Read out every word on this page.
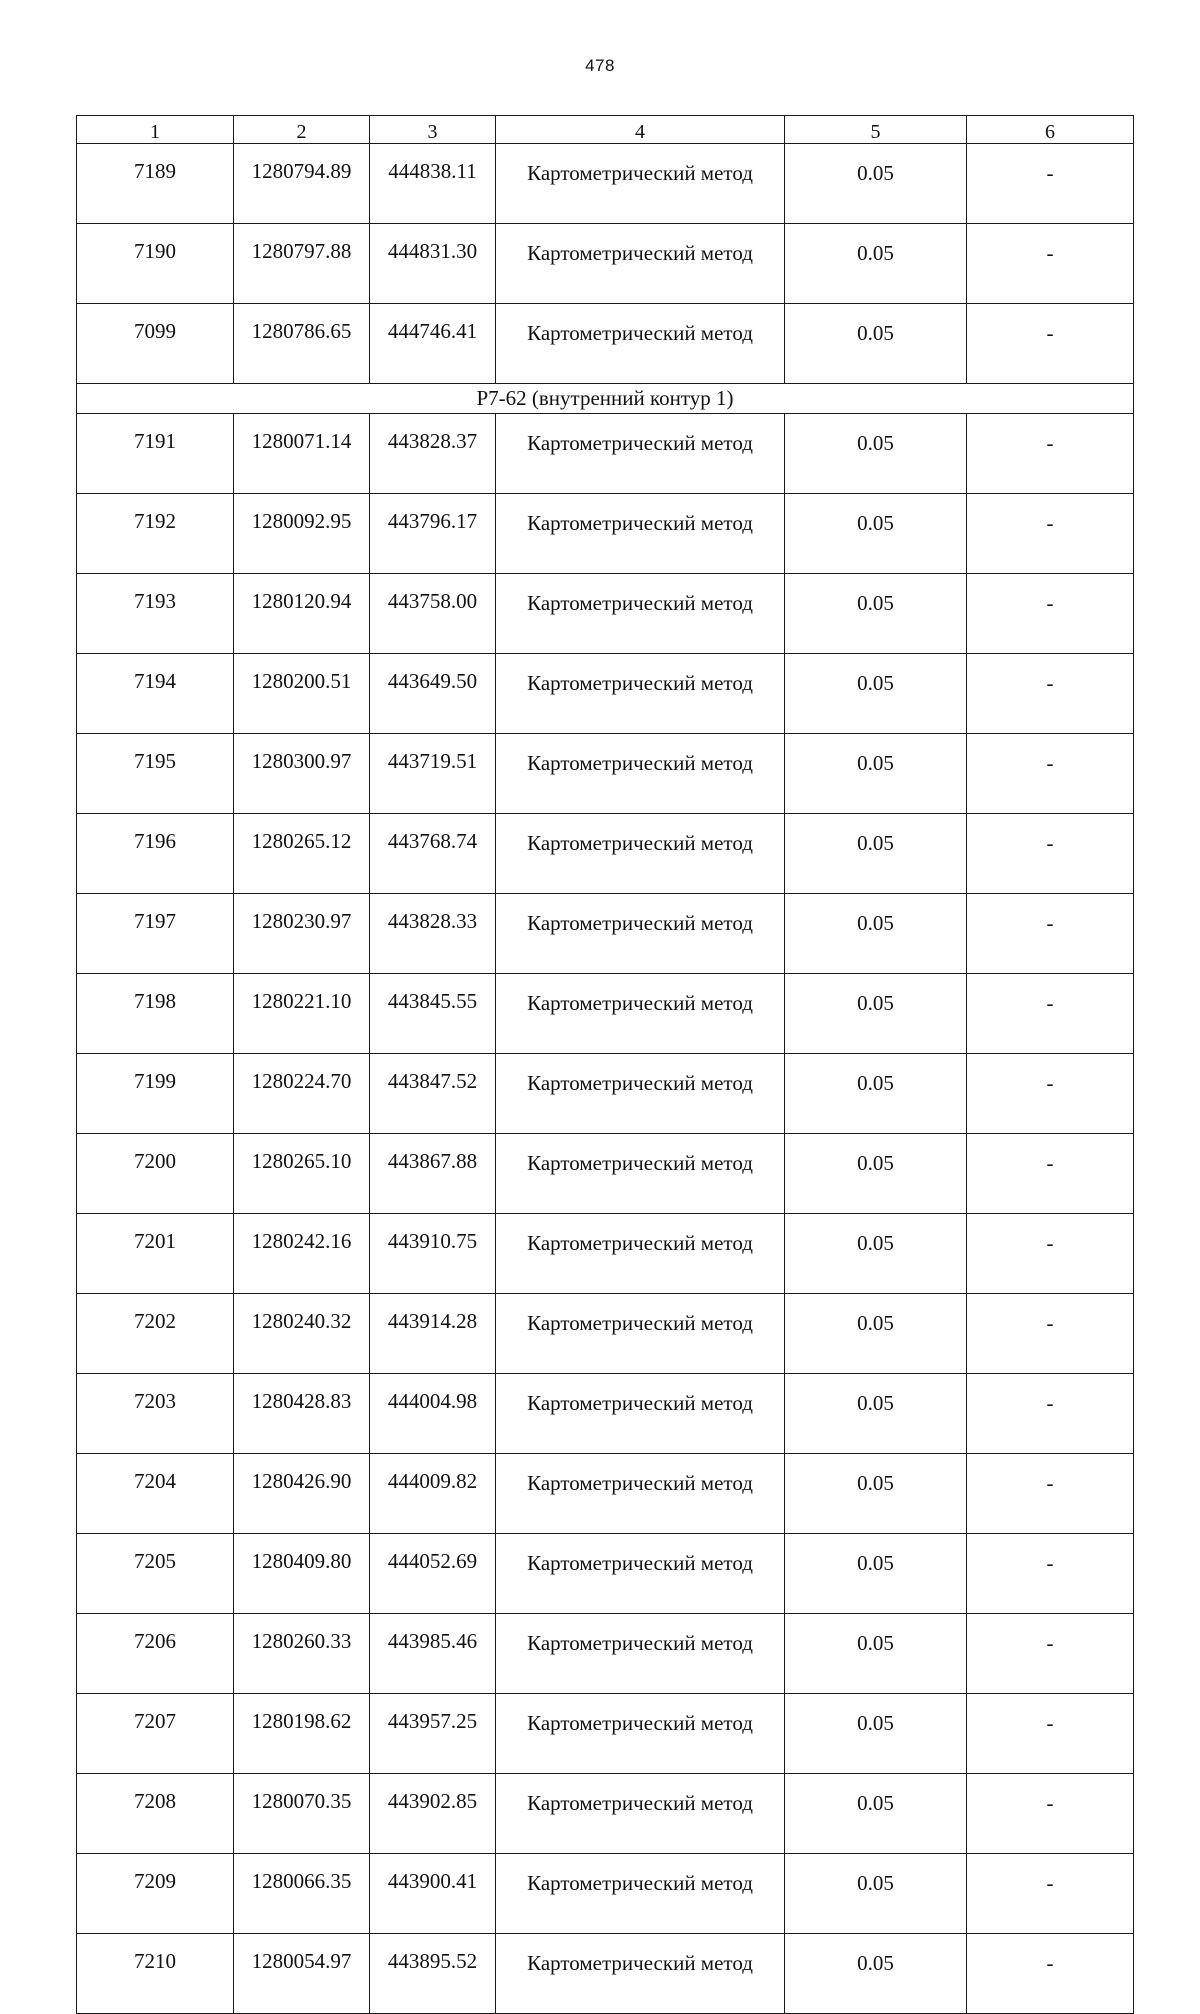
478
1	2	3	4	5	6
7189	1280794.89	444838.11	Картометрический метод	0.05	-
7190	1280797.88	444831.30	Картометрический метод	0.05	-
7099	1280786.65	444746.41	Картометрический метод	0.05	-
Р7-62 (внутренний контур 1)					
7191	1280071.14	443828.37	Картометрический метод	0.05	-
7192	1280092.95	443796.17	Картометрический метод	0.05	-
7193	1280120.94	443758.00	Картометрический метод	0.05	-
7194	1280200.51	443649.50	Картометрический метод	0.05	-
7195	1280300.97	443719.51	Картометрический метод	0.05	-
7196	1280265.12	443768.74	Картометрический метод	0.05	-
7197	1280230.97	443828.33	Картометрический метод	0.05	-
7198	1280221.10	443845.55	Картометрический метод	0.05	-
7199	1280224.70	443847.52	Картометрический метод	0.05	-
7200	1280265.10	443867.88	Картометрический метод	0.05	-
7201	1280242.16	443910.75	Картометрический метод	0.05	-
7202	1280240.32	443914.28	Картометрический метод	0.05	-
7203	1280428.83	444004.98	Картометрический метод	0.05	-
7204	1280426.90	444009.82	Картометрический метод	0.05	-
7205	1280409.80	444052.69	Картометрический метод	0.05	-
7206	1280260.33	443985.46	Картометрический метод	0.05	-
7207	1280198.62	443957.25	Картометрический метод	0.05	-
7208	1280070.35	443902.85	Картометрический метод	0.05	-
7209	1280066.35	443900.41	Картометрический метод	0.05	-
7210	1280054.97	443895.52	Картометрический метод	0.05	-
